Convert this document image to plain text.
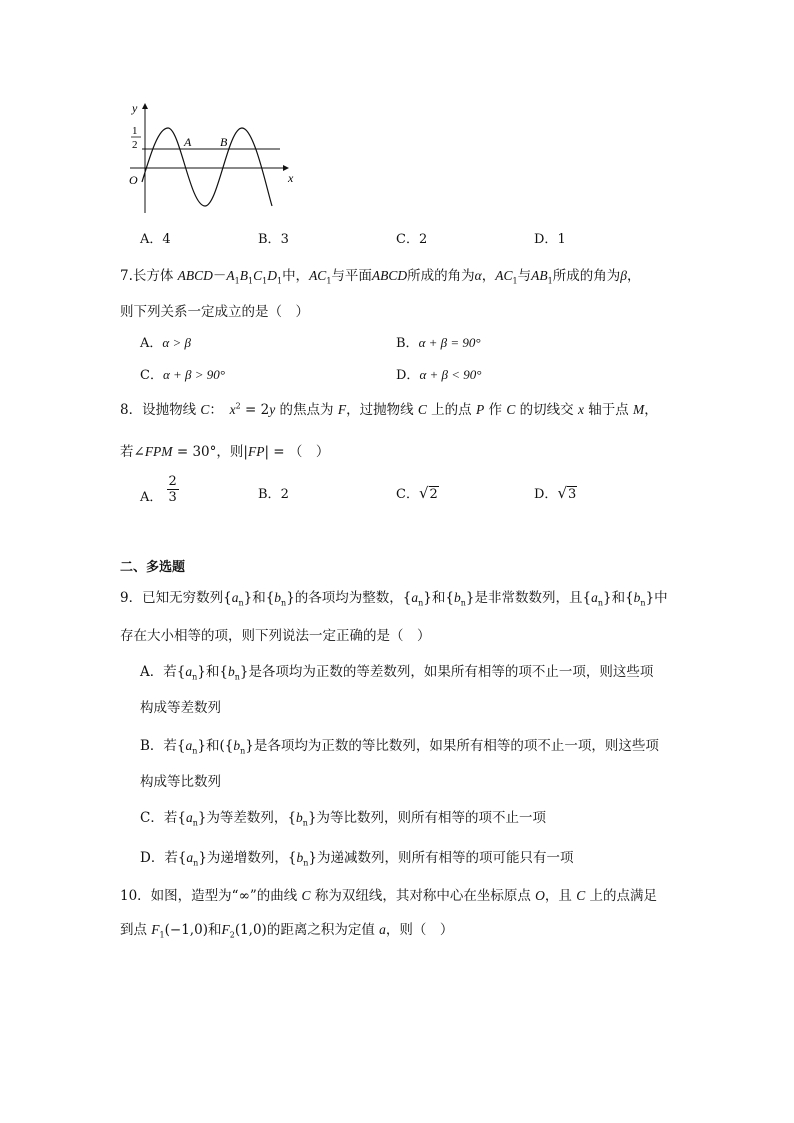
y
x
O
1
2	A B
A．4	B．3	C．2	D．1
7.长方体 $ABCD-A_1B_1C_1D_1$中，$AC_1$与平面ABCD所成的角为α，$AC_1$与$AB_1$所成的角为β，
则下列关系一定成立的是（　）
A．α > β	B．α + β = 90°
C．α + β > 90°	D．α + β < 90°
8．设抛物线 C：　$x^2 = 2y$ 的焦点为 F，过抛物线 C 上的点 P 作 C 的切线交 x 轴于点 M，
若∠FPM = 30°，则|FP| = （　）
A． $\frac{2}{3}$	B．2	C．√2	D．√3
二、多选题
9．已知无穷数列$\{a_n\}$和$\{b_n\}$的各项均为整数，$\{a_n\}$和$\{b_n\}$是非常数数列，且$\{a_n\}$和$\{b_n\}$中
存在大小相等的项，则下列说法一定正确的是（　）
A．若$\{a_n\}$和$\{b_n\}$是各项均为正数的等差数列，如果所有相等的项不止一项，则这些项
构成等差数列
B．若$\{a_n\}$和($\{b_n\}$是各项均为正数的等比数列，如果所有相等的项不止一项，则这些项
构成等比数列
C．若$\{a_n\}$为等差数列，$\{b_n\}$为等比数列，则所有相等的项不止一项
D．若$\{a_n\}$为递增数列，$\{b_n\}$为递减数列，则所有相等的项可能只有一项
10．如图，造型为“∞”的曲线 C 称为双纽线，其对称中心在坐标原点 O，且 C 上的点满足
到点 $F_1(-1,0)$和$F_2(1,0)$的距离之积为定值 a，则（　）
